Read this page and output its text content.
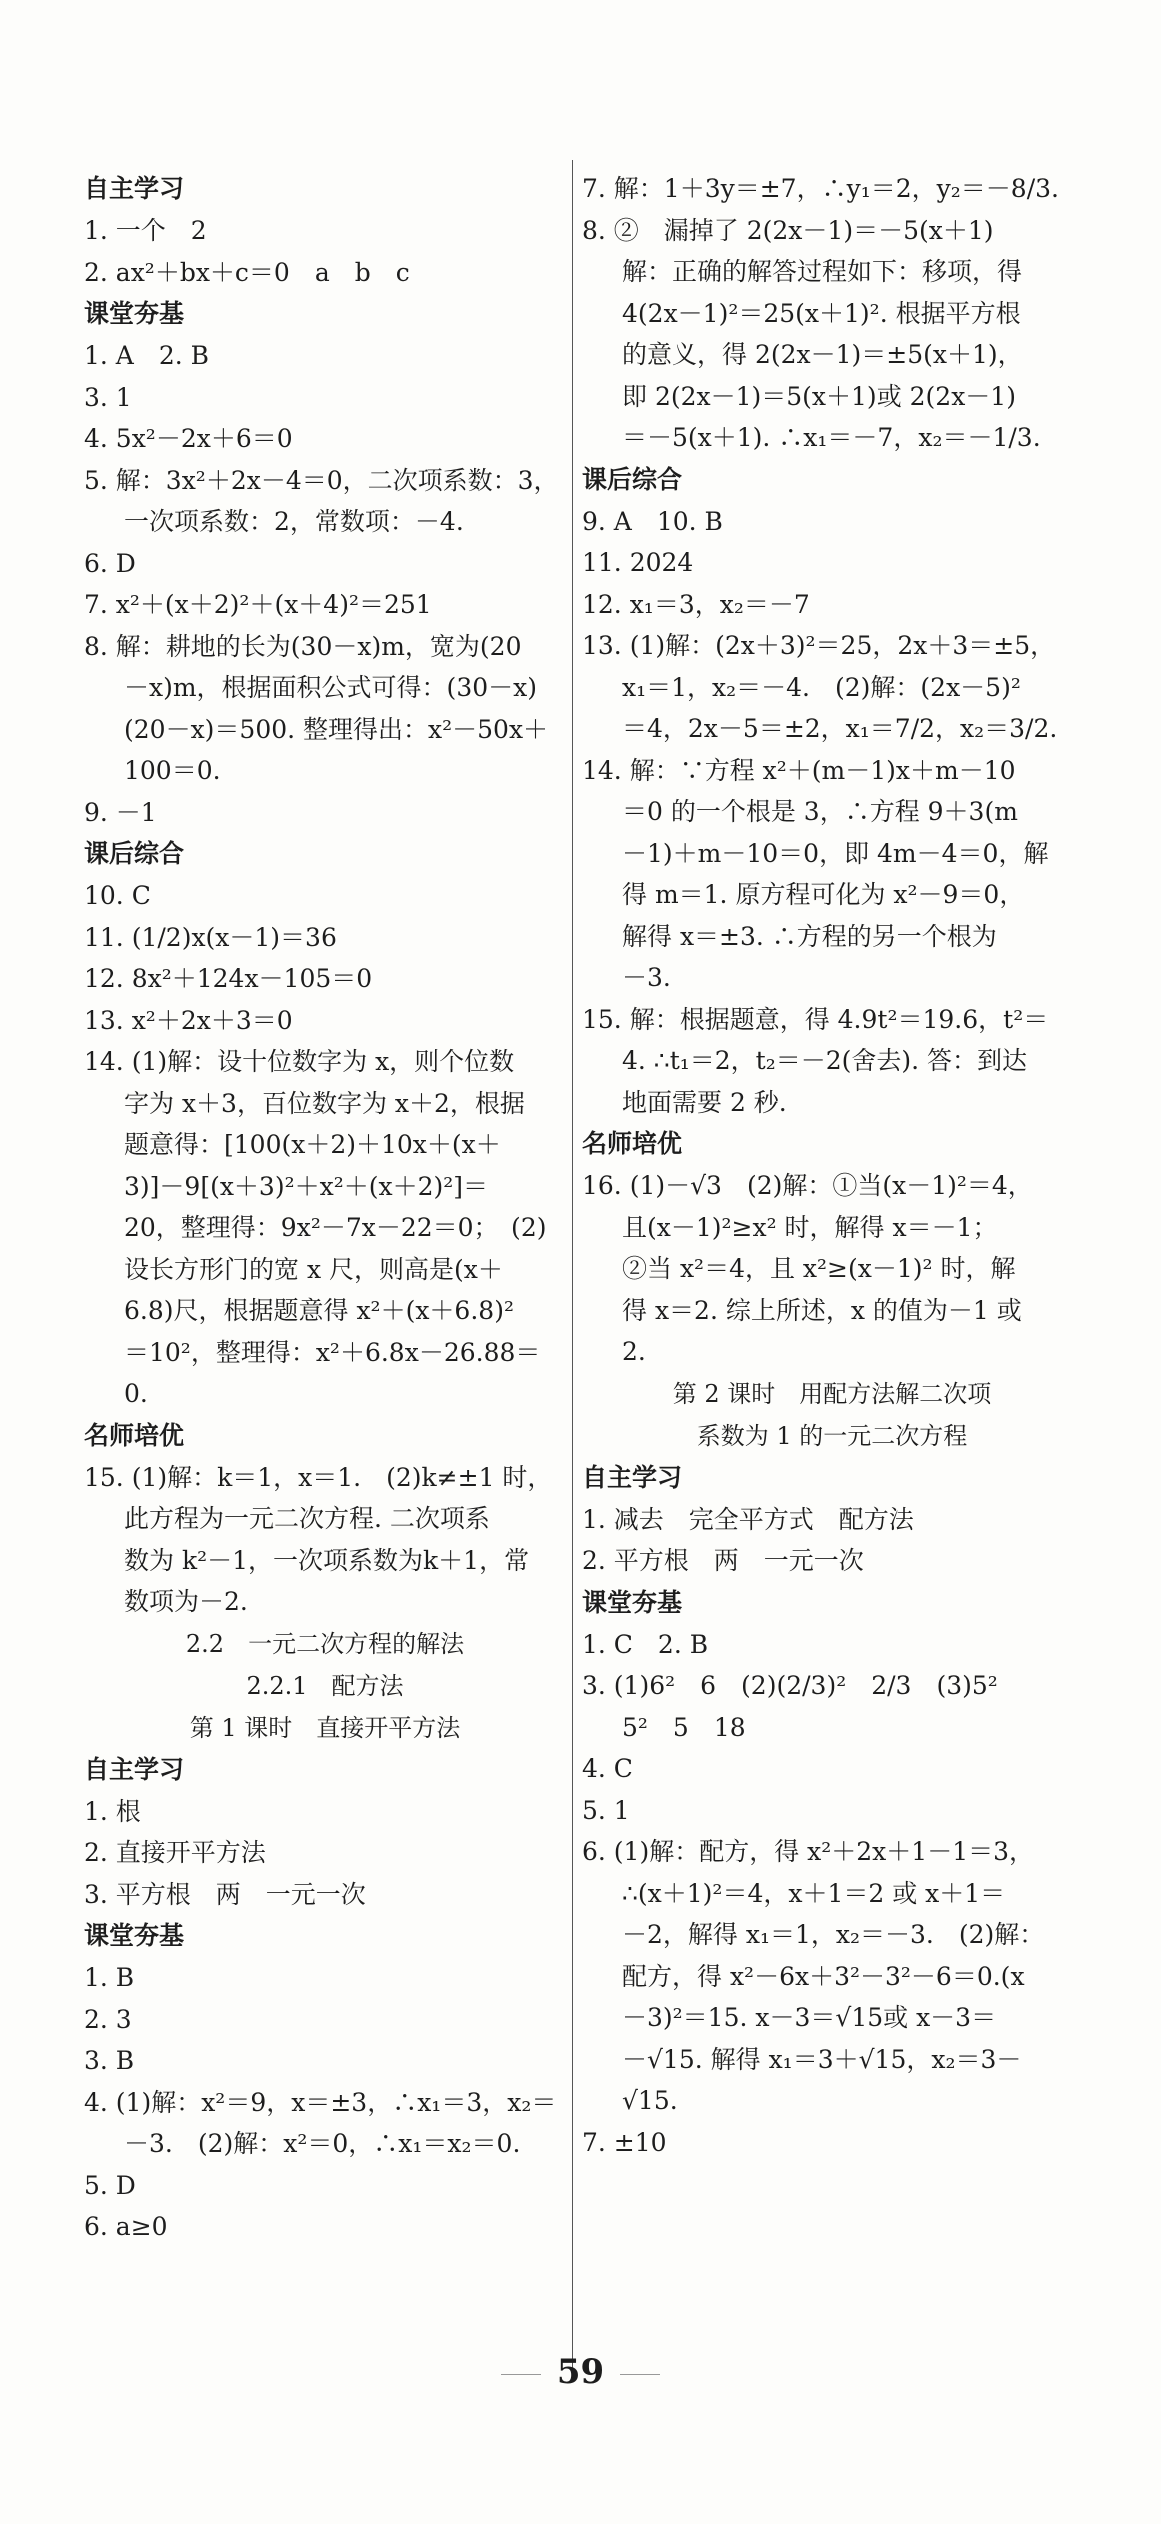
自主学习
1. 一个　2
2. ax²＋bx＋c＝0　a　b　c
课堂夯基
1. A　2. B
3. 1
4. 5x²－2x＋6＝0
5. 解：3x²＋2x－4＝0，二次项系数：3，
一次项系数：2，常数项：－4.
6. D
7. x²＋(x＋2)²＋(x＋4)²＝251
8. 解：耕地的长为(30－x)m，宽为(20
－x)m，根据面积公式可得：(30－x)
(20－x)＝500. 整理得出：x²－50x＋
100＝0.
9. －1
课后综合
10. C
11. (1/2)x(x－1)＝36
12. 8x²＋124x－105＝0
13. x²＋2x＋3＝0
14. (1)解：设十位数字为 x，则个位数
字为 x＋3，百位数字为 x＋2，根据
题意得：[100(x＋2)＋10x＋(x＋
3)]－9[(x＋3)²＋x²＋(x＋2)²]＝
20，整理得：9x²－7x－22＝0；　(2)
设长方形门的宽 x 尺，则高是(x＋
6.8)尺，根据题意得 x²＋(x＋6.8)²
＝10²，整理得：x²＋6.8x－26.88＝
0.
名师培优
15. (1)解：k＝1，x＝1.　(2)k≠±1 时，
此方程为一元二次方程. 二次项系
数为 k²－1，一次项系数为k＋1，常
数项为－2.
2.2　一元二次方程的解法
2.2.1　配方法
第 1 课时　直接开平方法
自主学习
1. 根
2. 直接开平方法
3. 平方根　两　一元一次
课堂夯基
1. B
2. 3
3. B
4. (1)解：x²＝9，x＝±3，∴x₁＝3，x₂＝
－3.　(2)解：x²＝0，∴x₁＝x₂＝0.
5. D
6. a≥0
7. 解：1＋3y＝±7，∴y₁＝2，y₂＝－8/3.
8. ②　漏掉了 2(2x－1)＝－5(x＋1)
解：正确的解答过程如下：移项，得
4(2x－1)²＝25(x＋1)². 根据平方根
的意义，得 2(2x－1)＝±5(x＋1)，
即 2(2x－1)＝5(x＋1)或 2(2x－1)
＝－5(x＋1). ∴x₁＝－7，x₂＝－1/3.
课后综合
9. A　10. B
11. 2024
12. x₁＝3，x₂＝－7
13. (1)解：(2x＋3)²＝25，2x＋3＝±5，
x₁＝1，x₂＝－4.　(2)解：(2x－5)²
＝4，2x－5＝±2，x₁＝7/2，x₂＝3/2.
14. 解：∵方程 x²＋(m－1)x＋m－10
＝0 的一个根是 3，∴方程 9＋3(m
－1)＋m－10＝0，即 4m－4＝0，解
得 m＝1. 原方程可化为 x²－9＝0，
解得 x＝±3. ∴方程的另一个根为
－3.
15. 解：根据题意，得 4.9t²＝19.6，t²＝
4. ∴t₁＝2，t₂＝－2(舍去). 答：到达
地面需要 2 秒.
名师培优
16. (1)－√3　(2)解：①当(x－1)²＝4，
且(x－1)²≥x² 时，解得 x＝－1；
②当 x²＝4，且 x²≥(x－1)² 时，解
得 x＝2. 综上所述，x 的值为－1 或
2.
第 2 课时　用配方法解二次项
系数为 1 的一元二次方程
自主学习
1. 减去　完全平方式　配方法
2. 平方根　两　一元一次
课堂夯基
1. C　2. B
3. (1)6²　6　(2)(2/3)²　2/3　(3)5²
5²　5　18
4. C
5. 1
6. (1)解：配方，得 x²＋2x＋1－1＝3，
∴(x＋1)²＝4，x＋1＝2 或 x＋1＝
－2，解得 x₁＝1，x₂＝－3.　(2)解：
配方，得 x²－6x＋3²－3²－6＝0.(x
－3)²＝15. x－3＝√15或 x－3＝
－√15. 解得 x₁＝3＋√15，x₂＝3－
√15.
7. ±10
59
